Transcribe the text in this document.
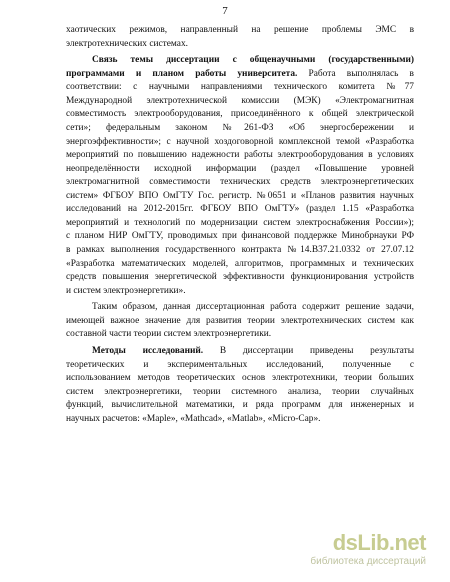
7
хаотических режимов, направленный на решение проблемы ЭМС в
электротехнических системах.
Связь темы диссертации с общенаучными (государственными)
программами и планом работы университета. Работа выполнялась в
соответствии: с научными направлениями технического комитета №77
Международной электротехнической комиссии (МЭК) «Электромагнитная
совместимость электрооборудования, присоединённого к общей электрической
сети»; федеральным законом №261-ФЗ «Об энергосбережении и
энергоэффективности»; с научной хоздоговорной комплексной темой «Разработка
мероприятий по повышению надежности работы электрооборудования в условиях
неопределённости исходной информации (раздел «Повышение уровней
электромагнитной совместимости технических средств электроэнергетических
систем» ФГБОУ ВПО ОмГТУ Гос. регистр. №0651 и «Планов развития научных
исследований на 2012-2015гг. ФГБОУ ВПО ОмГТУ» (раздел 1.15 «Разработка
мероприятий и технологий по модернизации систем электроснабжения России»);
с планом НИР ОмГТУ, проводимых при финансовой поддержке Минобрнауки РФ
в рамках выполнения государственного контракта №14.В37.21.0332 от 27.07.12
«Разработка математических моделей, алгоритмов, программных и технических
средств повышения энергетической эффективности функционирования устройств
и систем электроэнергетики».
Таким образом, данная диссертационная работа содержит решение задачи,
имеющей важное значение для развития теории электротехнических систем как
составной части теории систем электроэнергетики.
Методы исследований. В диссертации приведены результаты
теоретических и экспериментальных исследований, полученные с
использованием методов теоретических основ электротехники, теории больших
систем электроэнергетики, теории системного анализа, теории случайных
функций, вычислительной математики, и ряда программ для инженерных и
научных расчетов: «Maple», «Mathcad», «Matlab», «Micro-Cap».
dsLib.net
библиотека диссертаций
